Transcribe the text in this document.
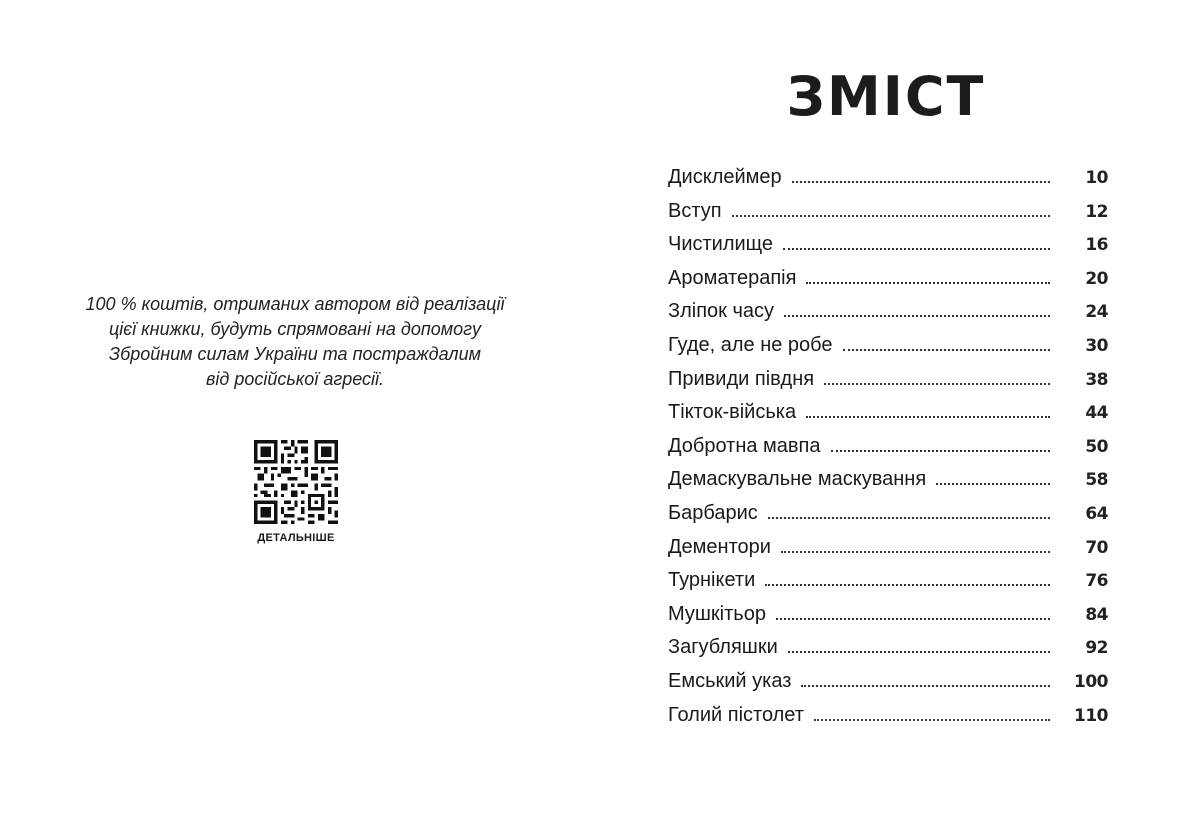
100 % коштів, отриманих автором від реалізації
цієї книжки, будуть спрямовані на допомогу
Збройним силам України та постраждалим
від російської агресії.
ДЕТАЛЬНІШЕ
ЗМІСТ
Дисклеймер	10
Вступ	12
Чистилище	16
Ароматерапія	20
Зліпок часу	24
Гуде, але не робе	30
Привиди півдня	38
Тікток-війська	44
Добротна мавпа	50
Демаскувальне маскування	58
Барбарис	64
Дементори	70
Турнікети	76
Мушкітьор	84
Загубляшки	92
Емський указ	100
Голий пістолет	110
